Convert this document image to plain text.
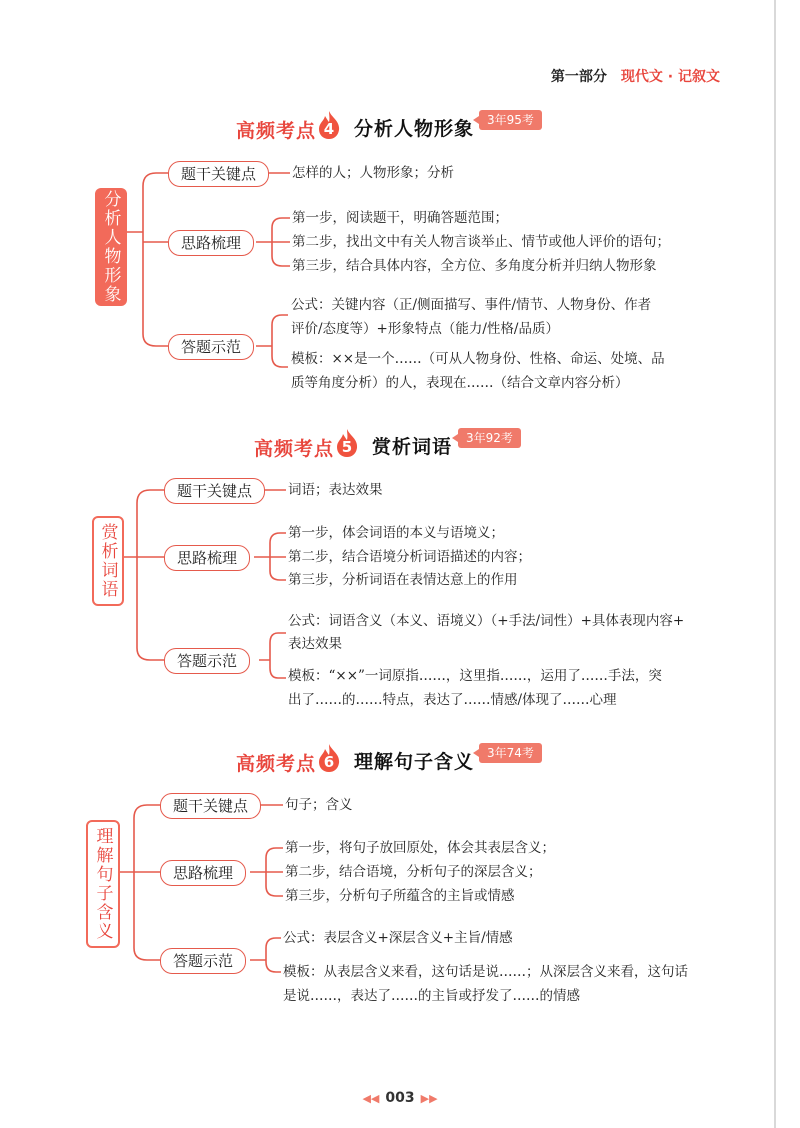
第一部分 现代文 · 记叙文
高频考点 4 分析人物形象	3年95考
分析人物形象
题干关键点
思路梳理
答题示范
怎样的人；人物形象；分析
第一步，阅读题干，明确答题范围；
第二步，找出文中有关人物言谈举止、情节或他人评价的语句；
第三步，结合具体内容，全方位、多角度分析并归纳人物形象
公式：关键内容（正/侧面描写、事件/情节、人物身份、作者
评价/态度等）+形象特点（能力/性格/品质）
模板：××是一个……（可从人物身份、性格、命运、处境、品
质等角度分析）的人，表现在……（结合文章内容分析）
高频考点 5 赏析词语	3年92考
赏析词语
题干关键点
思路梳理
答题示范
词语；表达效果
第一步，体会词语的本义与语境义；
第二步，结合语境分析词语描述的内容；
第三步，分析词语在表情达意上的作用
公式：词语含义（本义、语境义）（+手法/词性）+具体表现内容+
表达效果
模板：“××”一词原指……，这里指……，运用了……手法，突
出了……的……特点，表达了……情感/体现了……心理
高频考点 6 理解句子含义	3年74考
理解句子含义
题干关键点
思路梳理
答题示范
句子；含义
第一步，将句子放回原处，体会其表层含义；
第二步，结合语境，分析句子的深层含义；
第三步，分析句子所蕴含的主旨或情感
公式：表层含义+深层含义+主旨/情感
模板：从表层含义来看，这句话是说……；从深层含义来看，这句话
是说……，表达了……的主旨或抒发了……的情感
◀◀ 003 ▶▶
